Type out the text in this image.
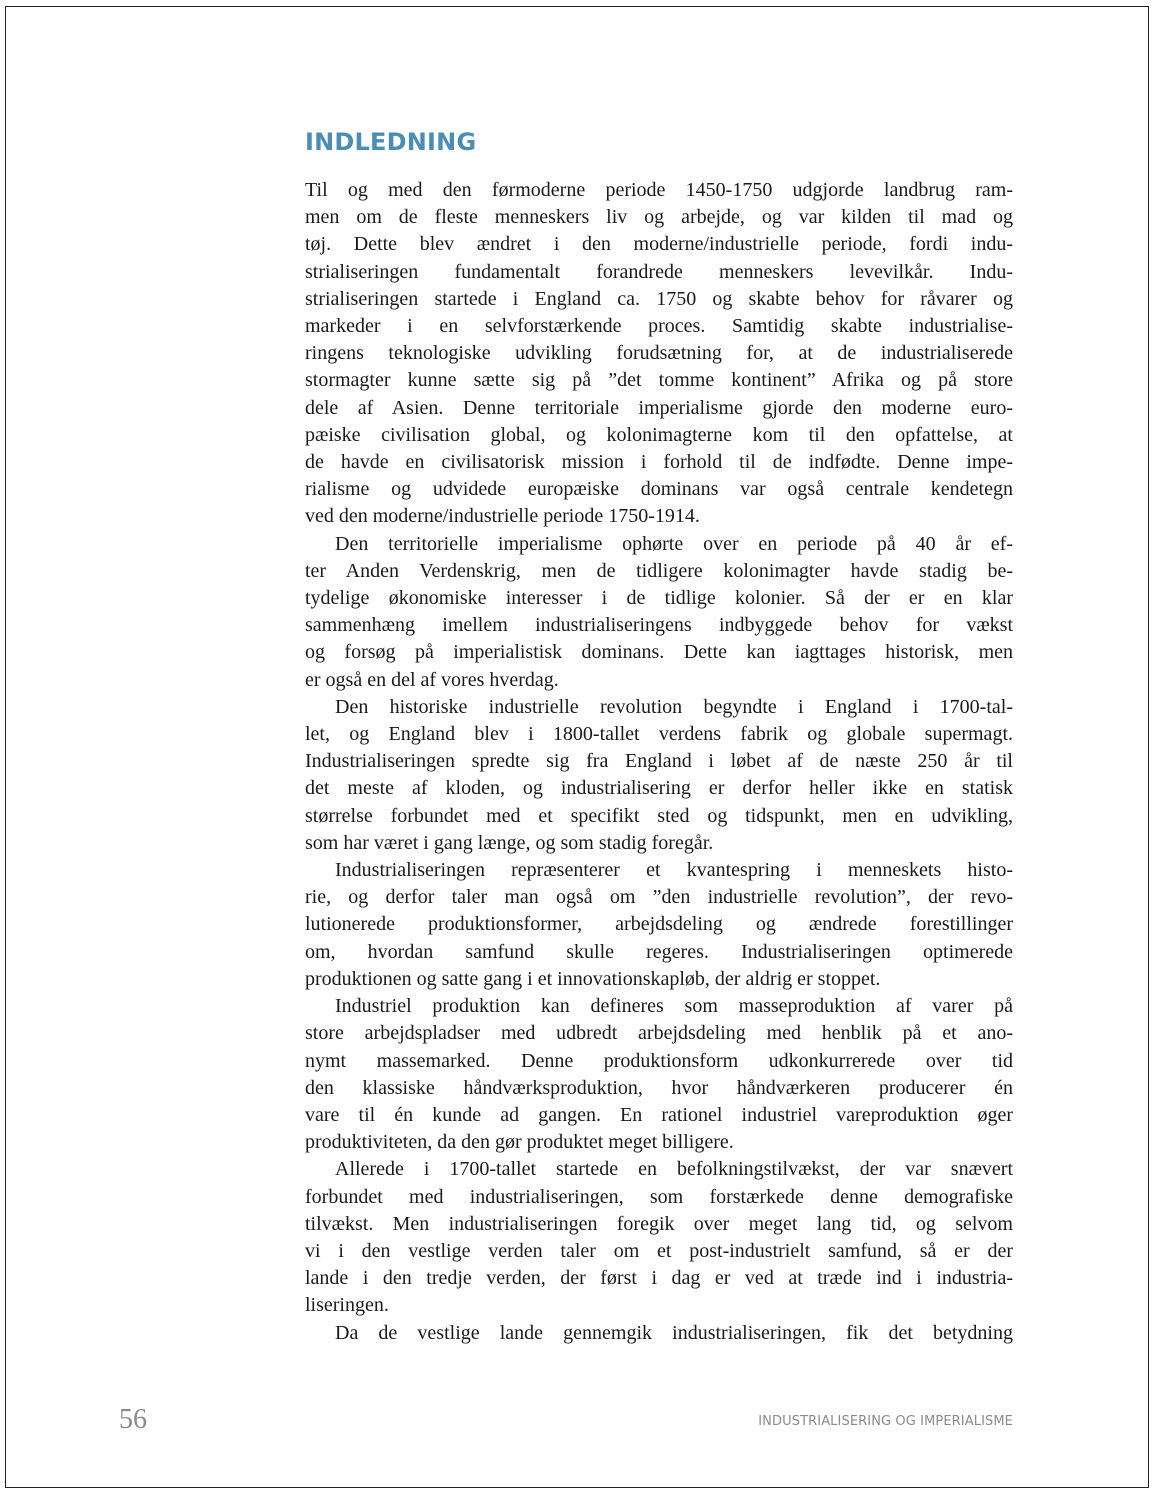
INDLEDNING
Til og med den førmoderne periode 1450-1750 udgjorde landbrug ram-
men om de fleste menneskers liv og arbejde, og var kilden til mad og
tøj. Dette blev ændret i den moderne/industrielle periode, fordi indu-
strialiseringen fundamentalt forandrede menneskers levevilkår. Indu-
strialiseringen startede i England ca. 1750 og skabte behov for råvarer og
markeder i en selvforstærkende proces. Samtidig skabte industrialise-
ringens teknologiske udvikling forudsætning for, at de industrialiserede
stormagter kunne sætte sig på ”det tomme kontinent” Afrika og på store
dele af Asien. Denne territoriale imperialisme gjorde den moderne euro-
pæiske civilisation global, og kolonimagterne kom til den opfattelse, at
de havde en civilisatorisk mission i forhold til de indfødte. Denne impe-
rialisme og udvidede europæiske dominans var også centrale kendetegn
ved den moderne/industrielle periode 1750-1914.
Den territorielle imperialisme ophørte over en periode på 40 år ef-
ter Anden Verdenskrig, men de tidligere kolonimagter havde stadig be-
tydelige økonomiske interesser i de tidlige kolonier. Så der er en klar
sammenhæng imellem industrialiseringens indbyggede behov for vækst
og forsøg på imperialistisk dominans. Dette kan iagttages historisk, men
er også en del af vores hverdag.
Den historiske industrielle revolution begyndte i England i 1700-tal-
let, og England blev i 1800-tallet verdens fabrik og globale supermagt.
Industrialiseringen spredte sig fra England i løbet af de næste 250 år til
det meste af kloden, og industrialisering er derfor heller ikke en statisk
størrelse forbundet med et specifikt sted og tidspunkt, men en udvikling,
som har været i gang længe, og som stadig foregår.
Industrialiseringen repræsenterer et kvantespring i menneskets histo-
rie, og derfor taler man også om ”den industrielle revolution”, der revo-
lutionerede produktionsformer, arbejdsdeling og ændrede forestillinger
om, hvordan samfund skulle regeres. Industrialiseringen optimerede
produktionen og satte gang i et innovationskapløb, der aldrig er stoppet.
Industriel produktion kan defineres som masseproduktion af varer på
store arbejdspladser med udbredt arbejdsdeling med henblik på et ano-
nymt massemarked. Denne produktionsform udkonkurrerede over tid
den klassiske håndværksproduktion, hvor håndværkeren producerer én
vare til én kunde ad gangen. En rationel industriel vareproduktion øger
produktiviteten, da den gør produktet meget billigere.
Allerede i 1700-tallet startede en befolkningstilvækst, der var snævert
forbundet med industrialiseringen, som forstærkede denne demografiske
tilvækst. Men industrialiseringen foregik over meget lang tid, og selvom
vi i den vestlige verden taler om et post-industrielt samfund, så er der
lande i den tredje verden, der først i dag er ved at træde ind i industria-
liseringen.
Da de vestlige lande gennemgik industrialiseringen, fik det betydning
56	INDUSTRIALISERING OG IMPERIALISME
